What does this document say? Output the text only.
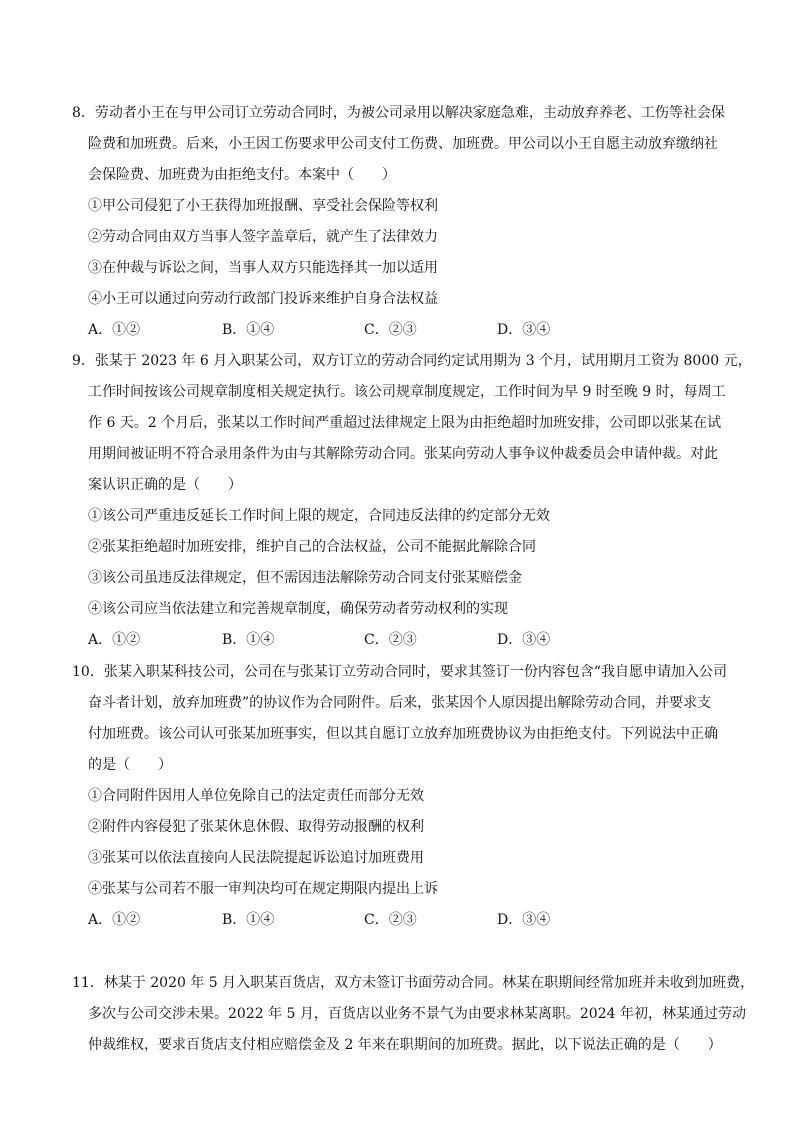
8．劳动者小王在与甲公司订立劳动合同时，为被公司录用以解决家庭急难，主动放弃养老、工伤等社会保
险费和加班费。后来，小王因工伤要求甲公司支付工伤费、加班费。甲公司以小王自愿主动放弃缴纳社
会保险费、加班费为由拒绝支付。本案中（　　）
①甲公司侵犯了小王获得加班报酬、享受社会保险等权利
②劳动合同由双方当事人签字盖章后，就产生了法律效力
③在仲裁与诉讼之间，当事人双方只能选择其一加以适用
④小王可以通过向劳动行政部门投诉来维护自身合法权益
A．①②	B．①④	C．②③	D．③④
9．张某于 2023 年 6 月入职某公司，双方订立的劳动合同约定试用期为 3 个月，试用期月工资为 8000 元，
工作时间按该公司规章制度相关规定执行。该公司规章制度规定，工作时间为早 9 时至晚 9 时，每周工
作 6 天。2 个月后，张某以工作时间严重超过法律规定上限为由拒绝超时加班安排，公司即以张某在试
用期间被证明不符合录用条件为由与其解除劳动合同。张某向劳动人事争议仲裁委员会申请仲裁。对此
案认识正确的是（　　）
①该公司严重违反延长工作时间上限的规定，合同违反法律的约定部分无效
②张某拒绝超时加班安排，维护自己的合法权益，公司不能据此解除合同
③该公司虽违反法律规定，但不需因违法解除劳动合同支付张某赔偿金
④该公司应当依法建立和完善规章制度，确保劳动者劳动权利的实现
A．①②	B．①④	C．②③	D．③④
10．张某入职某科技公司，公司在与张某订立劳动合同时，要求其签订一份内容包含“我自愿申请加入公司
奋斗者计划，放弃加班费”的协议作为合同附件。后来，张某因个人原因提出解除劳动合同，并要求支
付加班费。该公司认可张某加班事实，但以其自愿订立放弃加班费协议为由拒绝支付。下列说法中正确
的是（　　）
①合同附件因用人单位免除自己的法定责任而部分无效
②附件内容侵犯了张某休息休假、取得劳动报酬的权利
③张某可以依法直接向人民法院提起诉讼追讨加班费用
④张某与公司若不服一审判决均可在规定期限内提出上诉
A．①②	B．①④	C．②③	D．③④
11．林某于 2020 年 5 月入职某百货店，双方未签订书面劳动合同。林某在职期间经常加班并未收到加班费，
多次与公司交涉未果。2022 年 5 月，百货店以业务不景气为由要求林某离职。2024 年初，林某通过劳动
仲裁维权，要求百货店支付相应赔偿金及 2 年来在职期间的加班费。据此，以下说法正确的是（　　）
